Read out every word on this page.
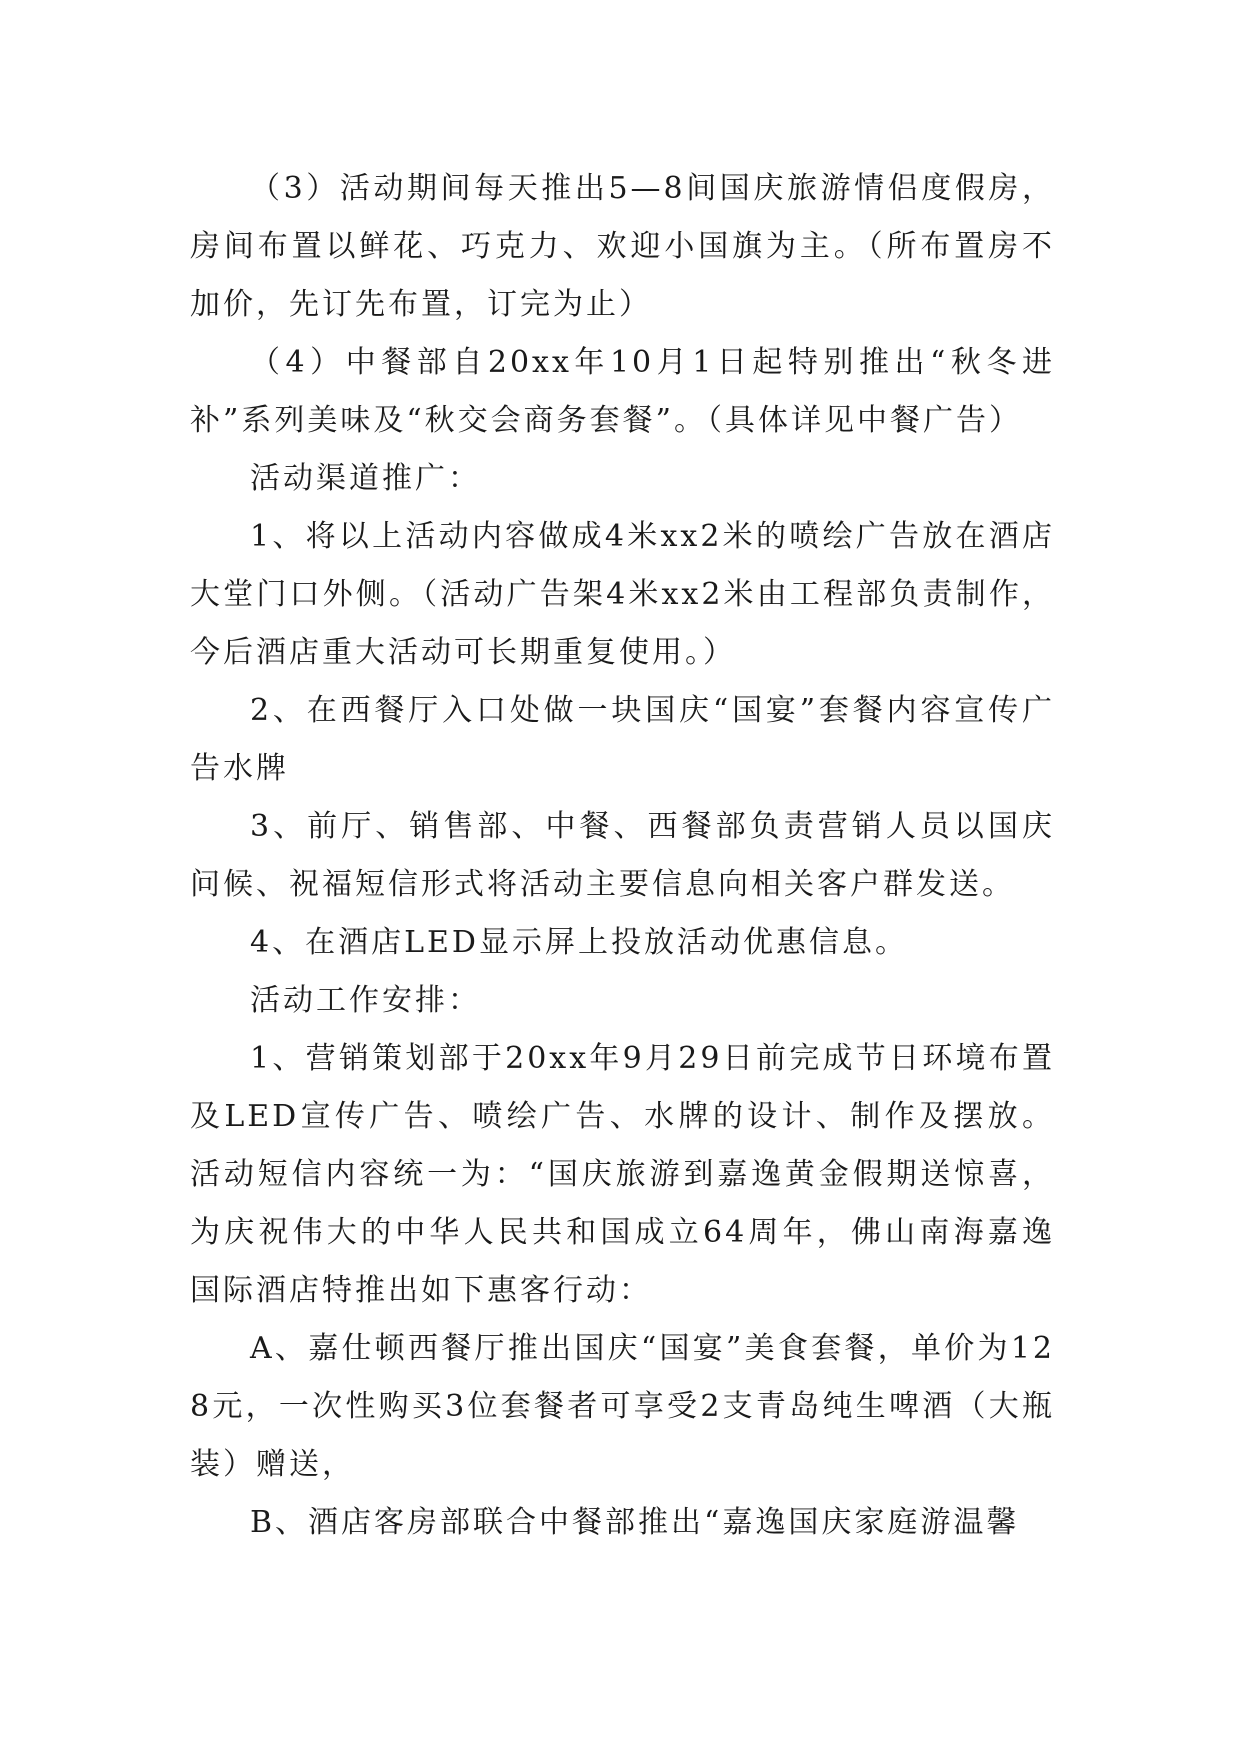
（3）活动期间每天推出5—8间国庆旅游情侣度假房，房间布置以鲜花、巧克力、欢迎小国旗为主。（所布置房不加价，先订先布置，订完为止）

（4）中餐部自20xx年10月1日起特别推出“秋冬进补”系列美味及“秋交会商务套餐”。（具体详见中餐广告）

活动渠道推广：

1、将以上活动内容做成4米xx2米的喷绘广告放在酒店大堂门口外侧。（活动广告架4米xx2米由工程部负责制作，今后酒店重大活动可长期重复使用。）

2、在西餐厅入口处做一块国庆“国宴”套餐内容宣传广告水牌

3、前厅、销售部、中餐、西餐部负责营销人员以国庆问候、祝福短信形式将活动主要信息向相关客户群发送。

4、在酒店LED显示屏上投放活动优惠信息。

活动工作安排：

1、营销策划部于20xx年9月29日前完成节日环境布置及LED宣传广告、喷绘广告、水牌的设计、制作及摆放。活动短信内容统一为：“国庆旅游到嘉逸黄金假期送惊喜，为庆祝伟大的中华人民共和国成立64周年，佛山南海嘉逸国际酒店特推出如下惠客行动：

A、嘉仕顿西餐厅推出国庆“国宴”美食套餐，单价为128元，一次性购买3位套餐者可享受2支青岛纯生啤酒（大瓶装）赠送，

B、酒店客房部联合中餐部推出“嘉逸国庆家庭游温馨
